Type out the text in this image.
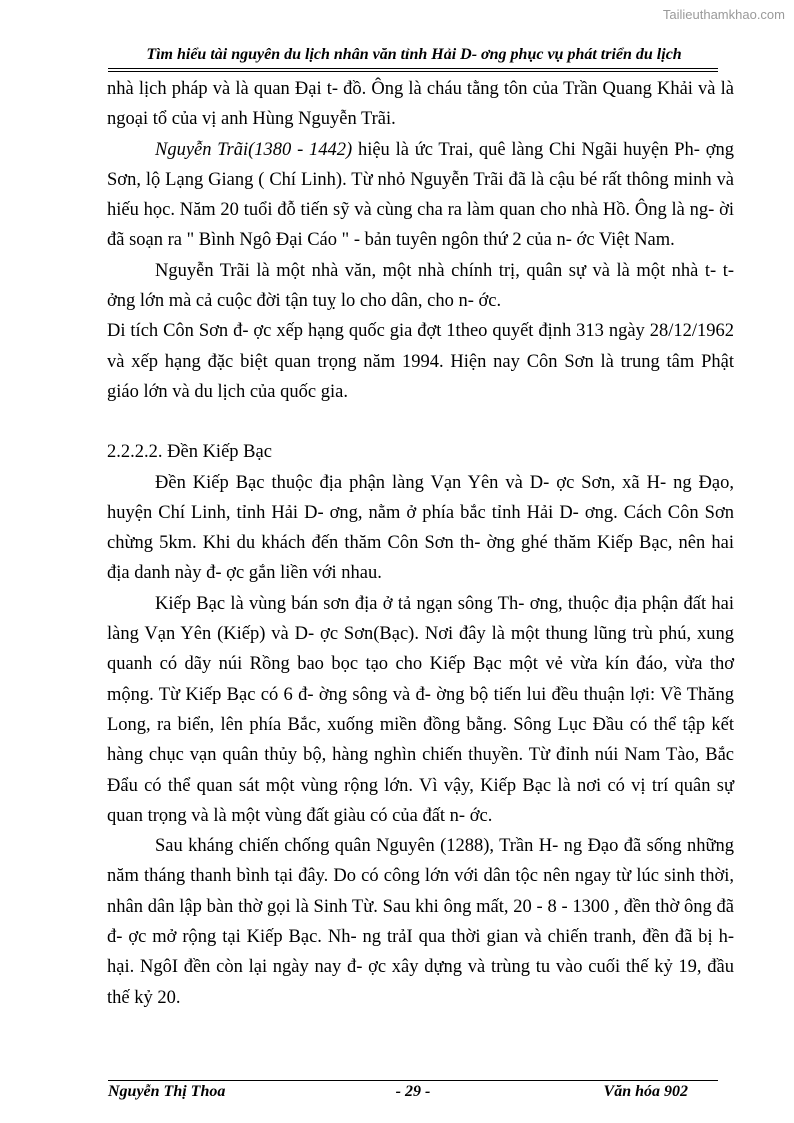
Tailieuthamkhao.com
Tìm hiểu tài nguyên du lịch nhân văn tỉnh Hải D- ơng phục vụ phát triển du lịch

nhà lịch pháp và là quan Đại t- đồ. Ông là cháu tằng tôn của Trần Quang Khải và là ngoại tổ của vị anh Hùng Nguyễn Trãi.

Nguyễn Trãi(1380 - 1442) hiệu là ức Trai, quê làng Chi Ngãi huyện Ph- ợng Sơn, lộ Lạng Giang ( Chí Linh). Từ nhỏ Nguyễn Trãi đã là cậu bé rất thông minh và hiếu học. Năm 20 tuổi đỗ tiến sỹ và cùng cha ra làm quan cho nhà Hồ. Ông là ng- ời đã soạn ra " Bình Ngô Đại Cáo " - bản tuyên ngôn thứ 2 của n- ớc Việt Nam.

Nguyễn Trãi là một nhà văn, một nhà chính trị, quân sự và là một nhà t- t- ởng lớn mà cả cuộc đời tận tuỵ lo cho dân, cho n- ớc.

Di tích Côn Sơn đ- ợc xếp hạng quốc gia đợt 1theo quyết định 313 ngày 28/12/1962 và xếp hạng đặc biệt quan trọng năm 1994. Hiện nay Côn Sơn là trung tâm Phật giáo lớn và du lịch của quốc gia.

2.2.2.2. Đền Kiếp Bạc

Đền Kiếp Bạc thuộc địa phận làng Vạn Yên và D- ợc Sơn, xã H- ng Đạo, huyện Chí Linh, tỉnh Hải D- ơng, nằm ở phía bắc tỉnh Hải D- ơng. Cách Côn Sơn chừng 5km. Khi du khách đến thăm Côn Sơn th- ờng ghé thăm Kiếp Bạc, nên hai địa danh này đ- ợc gắn liền với nhau.

Kiếp Bạc là vùng bán sơn địa ở tả ngạn sông Th- ơng, thuộc địa phận đất hai làng Vạn Yên (Kiếp) và D- ợc Sơn(Bạc). Nơi đây là một thung lũng trù phú, xung quanh có dãy núi Rồng bao bọc tạo cho Kiếp Bạc một vẻ vừa kín đáo, vừa thơ mộng. Từ Kiếp Bạc có 6 đ- ờng sông và đ- ờng bộ tiến lui đều thuận lợi: Về Thăng Long, ra biển, lên phía Bắc, xuống miền đồng bằng. Sông Lục Đầu có thể tập kết hàng chục vạn quân thủy bộ, hàng nghìn chiến thuyền. Từ đỉnh núi Nam Tào, Bắc Đẩu có thể quan sát một vùng rộng lớn. Vì vậy, Kiếp Bạc là nơi có vị trí quân sự quan trọng và là một vùng đất giàu có của đất n- ớc.

Sau kháng chiến chống quân Nguyên (1288), Trần H- ng Đạo đã sống những năm tháng thanh bình tại đây. Do có công lớn với dân tộc nên ngay từ lúc sinh thời, nhân dân lập bàn thờ gọi là Sinh Từ. Sau khi ông mất, 20 - 8 - 1300 , đền thờ ông đã đ- ợc mở rộng tại Kiếp Bạc. Nh- ng trảI qua thời gian và chiến tranh, đền đã bị h- hại. NgôI đền còn lại ngày nay đ- ợc xây dựng và trùng tu vào cuối thế kỷ 19, đầu thế kỷ 20.

Nguyễn Thị Thoa	- 29 -	Văn hóa 902
